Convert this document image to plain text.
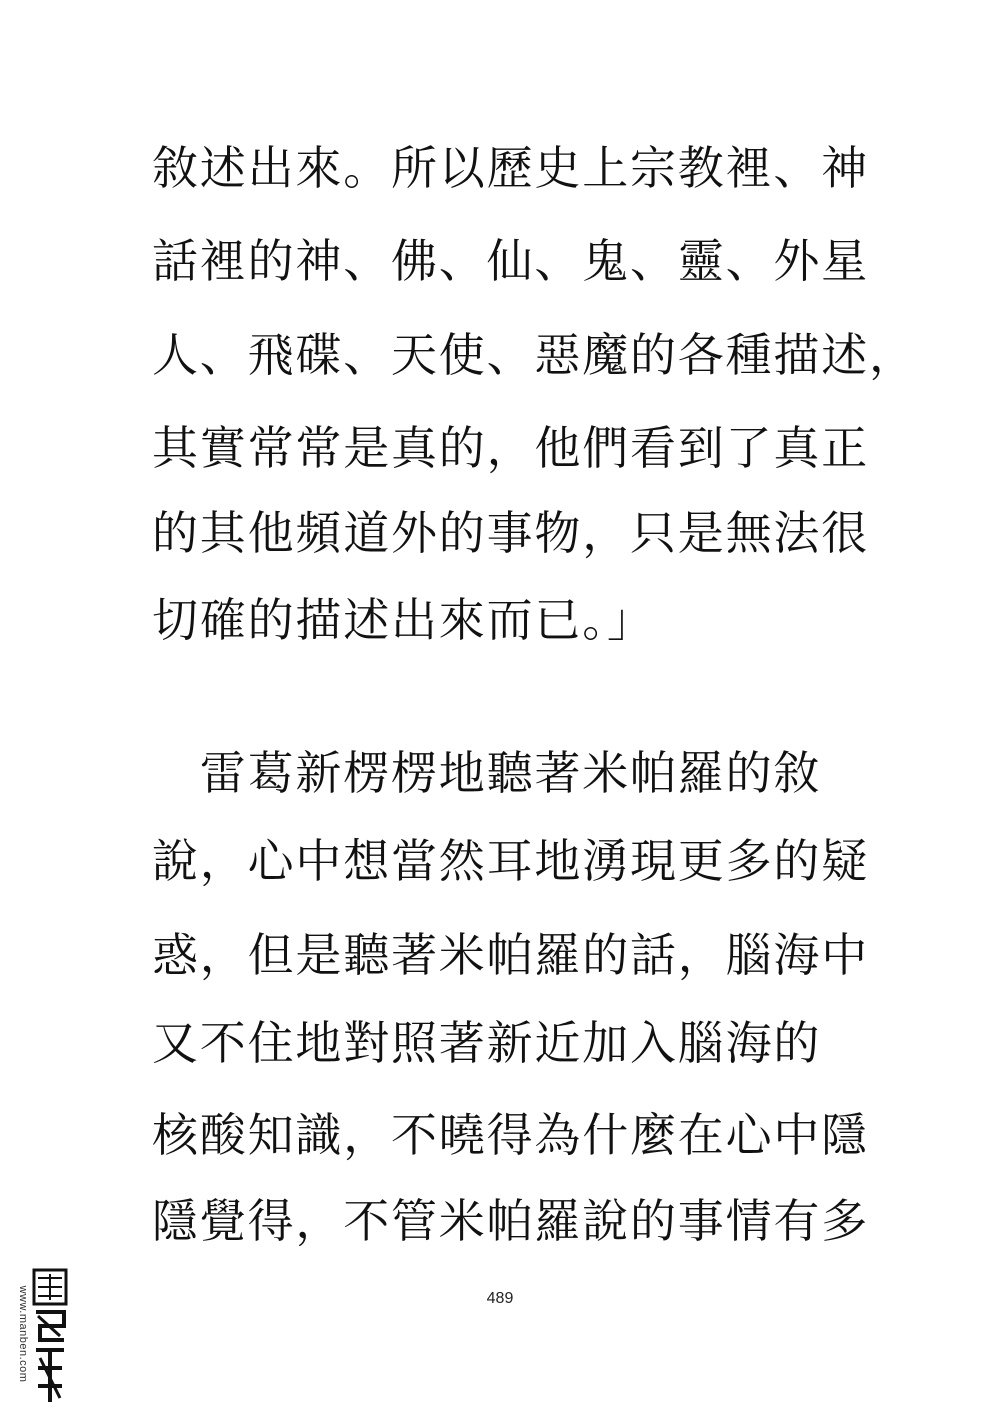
敘述出來。所以歷史上宗教裡、神
話裡的神、佛、仙、鬼、靈、外星
人、飛碟、天使、惡魔的各種描述，
其實常常是真的，他們看到了真正
的其他頻道外的事物，只是無法很
切確的描述出來而已。」
　雷葛新楞楞地聽著米帕羅的敘
說，心中想當然耳地湧現更多的疑
惑，但是聽著米帕羅的話，腦海中
又不住地對照著新近加入腦海的
核酸知識，不曉得為什麼在心中隱
隱覺得，不管米帕羅說的事情有多
489
www.manben.com
